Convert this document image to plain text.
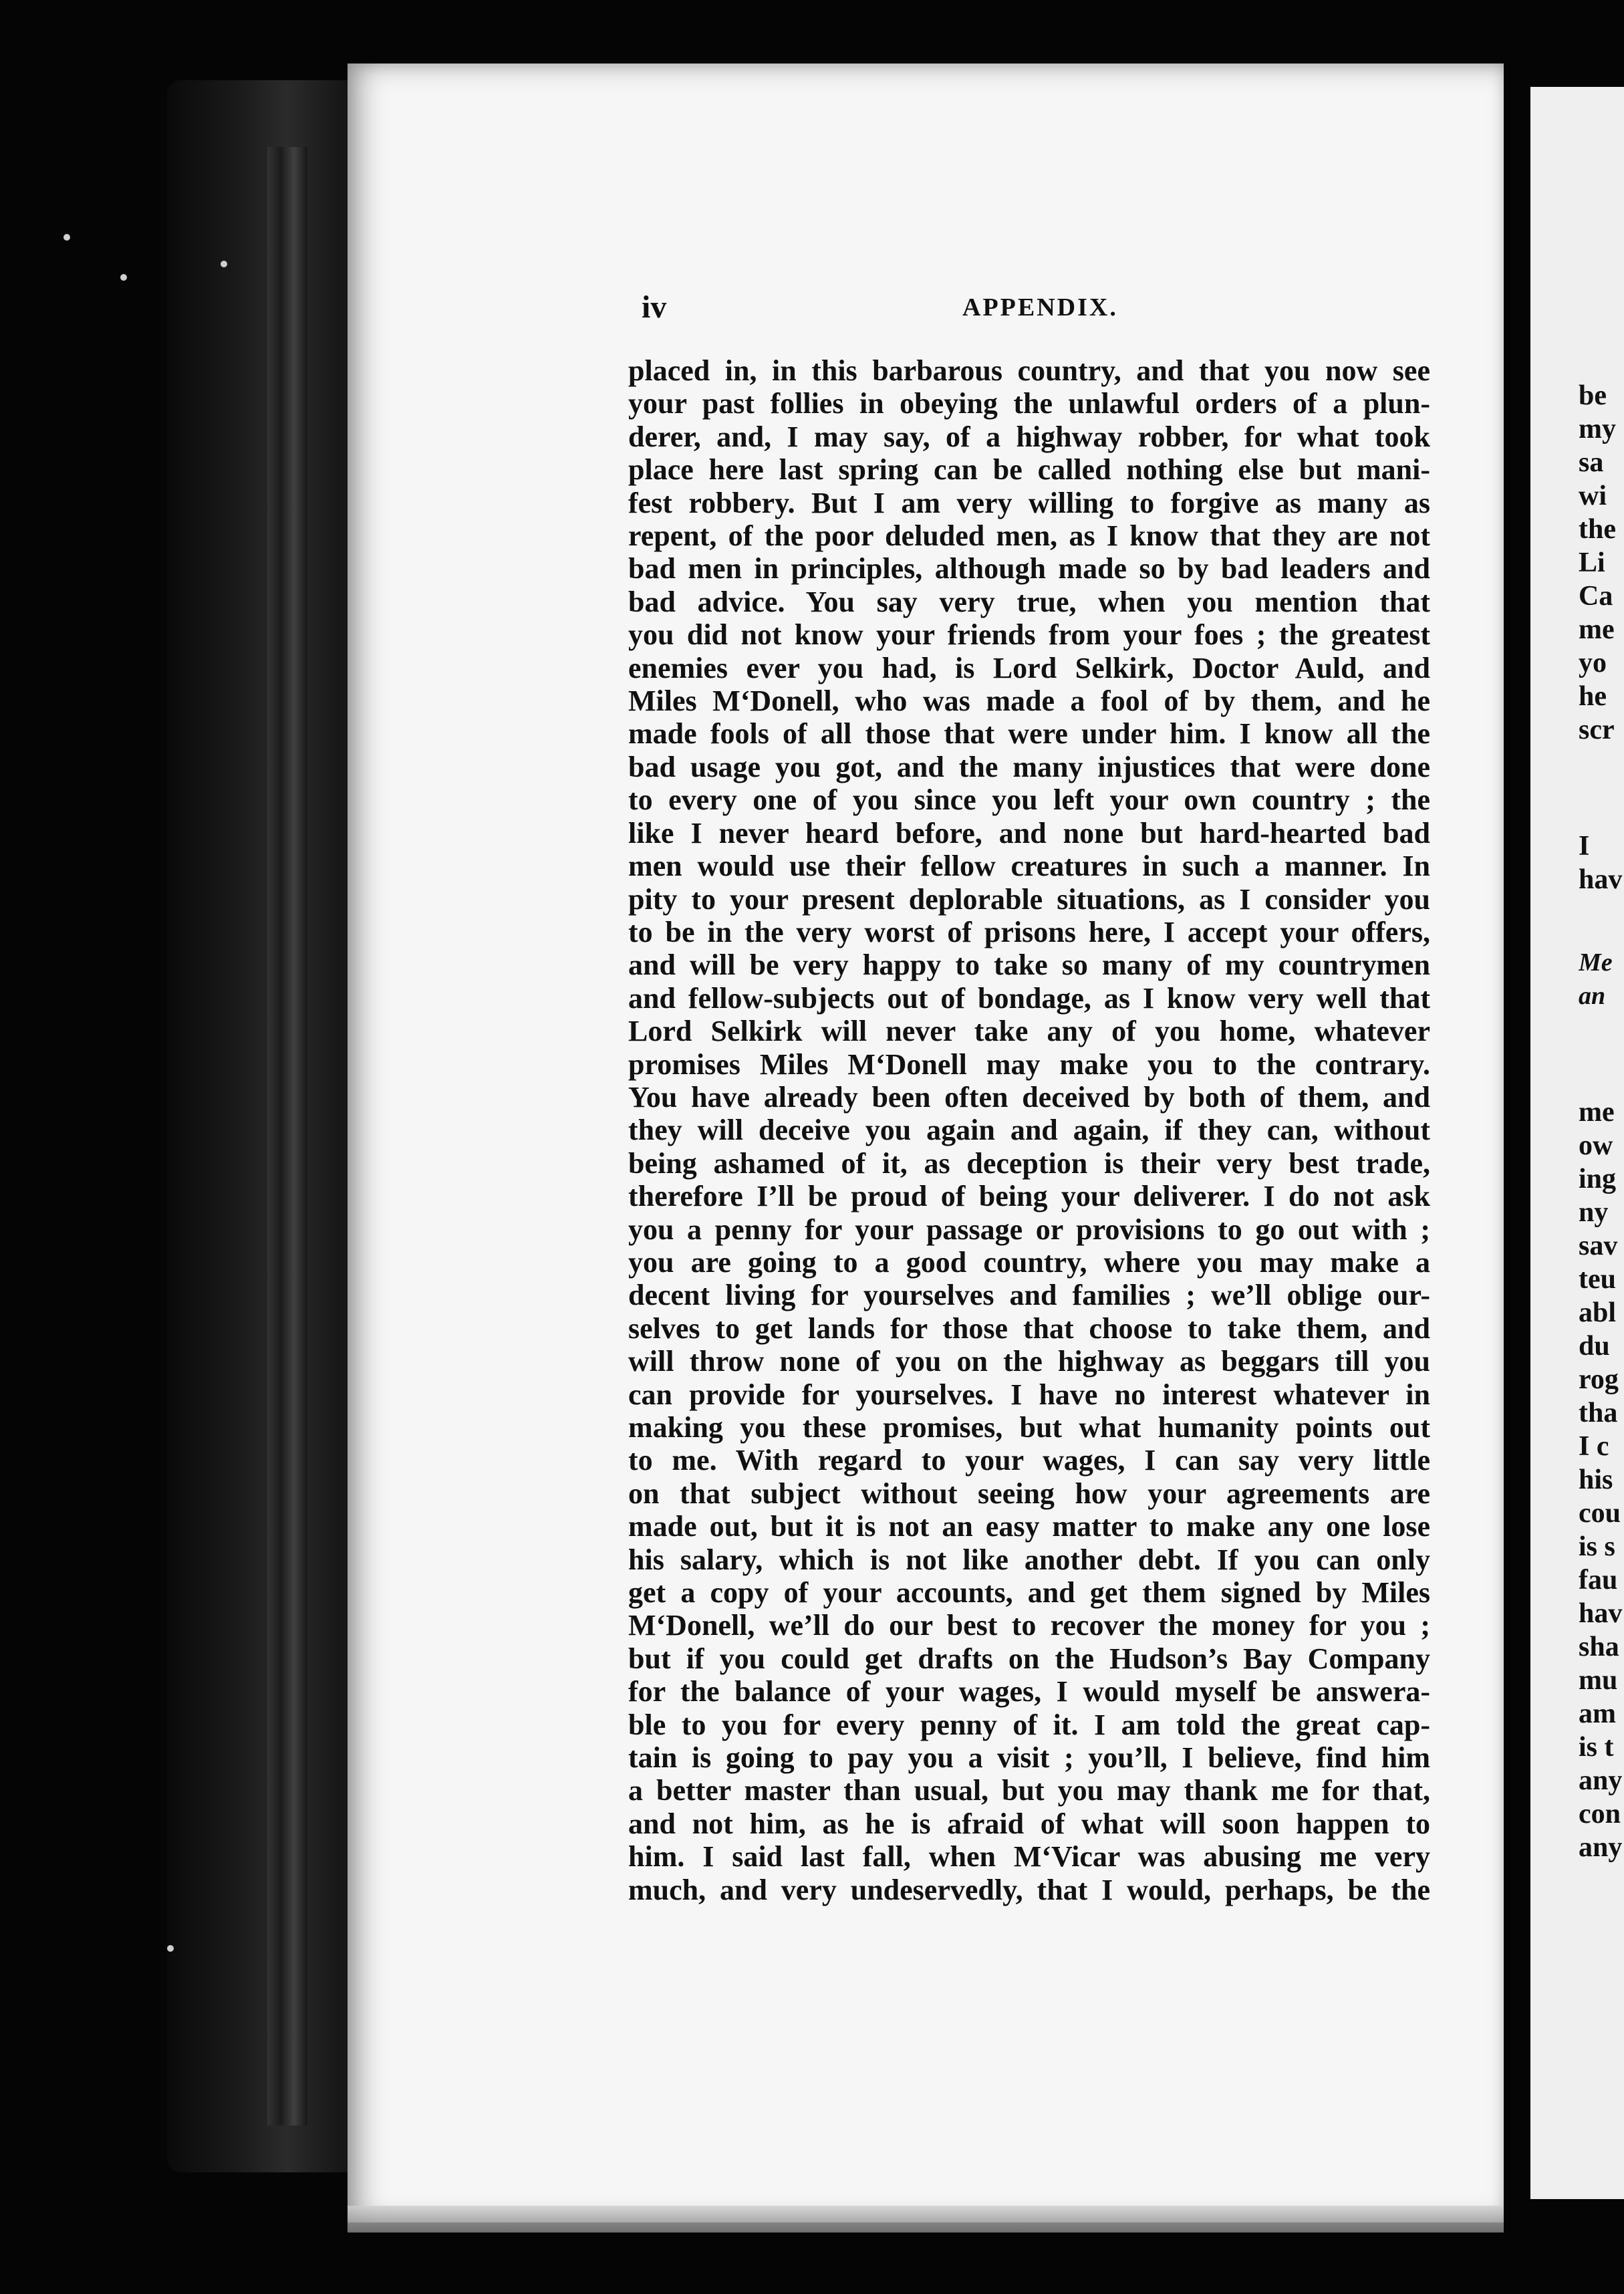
iv	APPENDIX.
placed in, in this barbarous country, and that you now see
your past follies in obeying the unlawful orders of a plun-
derer, and, I may say, of a highway robber, for what took
place here last spring can be called nothing else but mani-
fest robbery. But I am very willing to forgive as many as
repent, of the poor deluded men, as I know that they are not
bad men in principles, although made so by bad leaders and
bad advice. You say very true, when you mention that
you did not know your friends from your foes ; the greatest
enemies ever you had, is Lord Selkirk, Doctor Auld, and
Miles M‘Donell, who was made a fool of by them, and he
made fools of all those that were under him. I know all the
bad usage you got, and the many injustices that were done
to every one of you since you left your own country ; the
like I never heard before, and none but hard-hearted bad
men would use their fellow creatures in such a manner. In
pity to your present deplorable situations, as I consider you
to be in the very worst of prisons here, I accept your offers,
and will be very happy to take so many of my countrymen
and fellow-subjects out of bondage, as I know very well that
Lord Selkirk will never take any of you home, whatever
promises Miles M‘Donell may make you to the contrary.
You have already been often deceived by both of them, and
they will deceive you again and again, if they can, without
being ashamed of it, as deception is their very best trade,
therefore I’ll be proud of being your deliverer. I do not ask
you a penny for your passage or provisions to go out with ;
you are going to a good country, where you may make a
decent living for yourselves and families ; we’ll oblige our-
selves to get lands for those that choose to take them, and
will throw none of you on the highway as beggars till you
can provide for yourselves. I have no interest whatever in
making you these promises, but what humanity points out
to me. With regard to your wages, I can say very little
on that subject without seeing how your agreements are
made out, but it is not an easy matter to make any one lose
his salary, which is not like another debt. If you can only
get a copy of your accounts, and get them signed by Miles
M‘Donell, we’ll do our best to recover the money for you ;
but if you could get drafts on the Hudson’s Bay Company
for the balance of your wages, I would myself be answera-
ble to you for every penny of it. I am told the great cap-
tain is going to pay you a visit ; you’ll, I believe, find him
a better master than usual, but you may thank me for that,
and not him, as he is afraid of what will soon happen to
him. I said last fall, when M‘Vicar was abusing me very
much, and very undeservedly, that I would, perhaps, be the
be
my
sa
wi
the
Li
Ca
me
yo
he
scr
I
hav
Me
an
me
ow
ing
ny
sav
teu
abl
du
rog
tha
I c
his
cou
is s
fau
hav
sha
mu
am
is t
any
con
any
